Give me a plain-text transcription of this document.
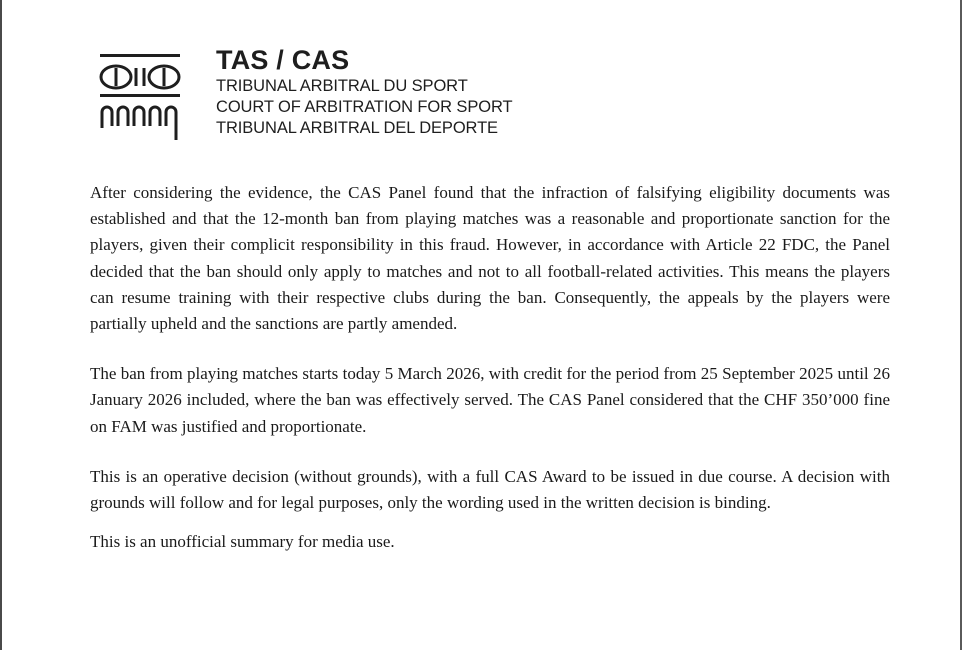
TAS / CAS

TRIBUNAL ARBITRAL DU SPORT

COURT OF ARBITRATION FOR SPORT

TRIBUNAL ARBITRAL DEL DEPORTE

After considering the evidence, the CAS Panel found that the infraction of falsifying eligibility documents was established and that the 12-month ban from playing matches was a reasonable and proportionate sanction for the players, given their complicit responsibility in this fraud. However, in accordance with Article 22 FDC, the Panel decided that the ban should only apply to matches and not to all football-related activities. This means the players can resume training with their respective clubs during the ban. Consequently, the appeals by the players were partially upheld and the sanctions are partly amended.

The ban from playing matches starts today 5 March 2026, with credit for the period from 25 September 2025 until 26 January 2026 included, where the ban was effectively served. The CAS Panel considered that the CHF 350’000 fine on FAM was justified and proportionate.

This is an operative decision (without grounds), with a full CAS Award to be issued in due course. A decision with grounds will follow and for legal purposes, only the wording used in the written decision is binding.

This is an unofficial summary for media use.
